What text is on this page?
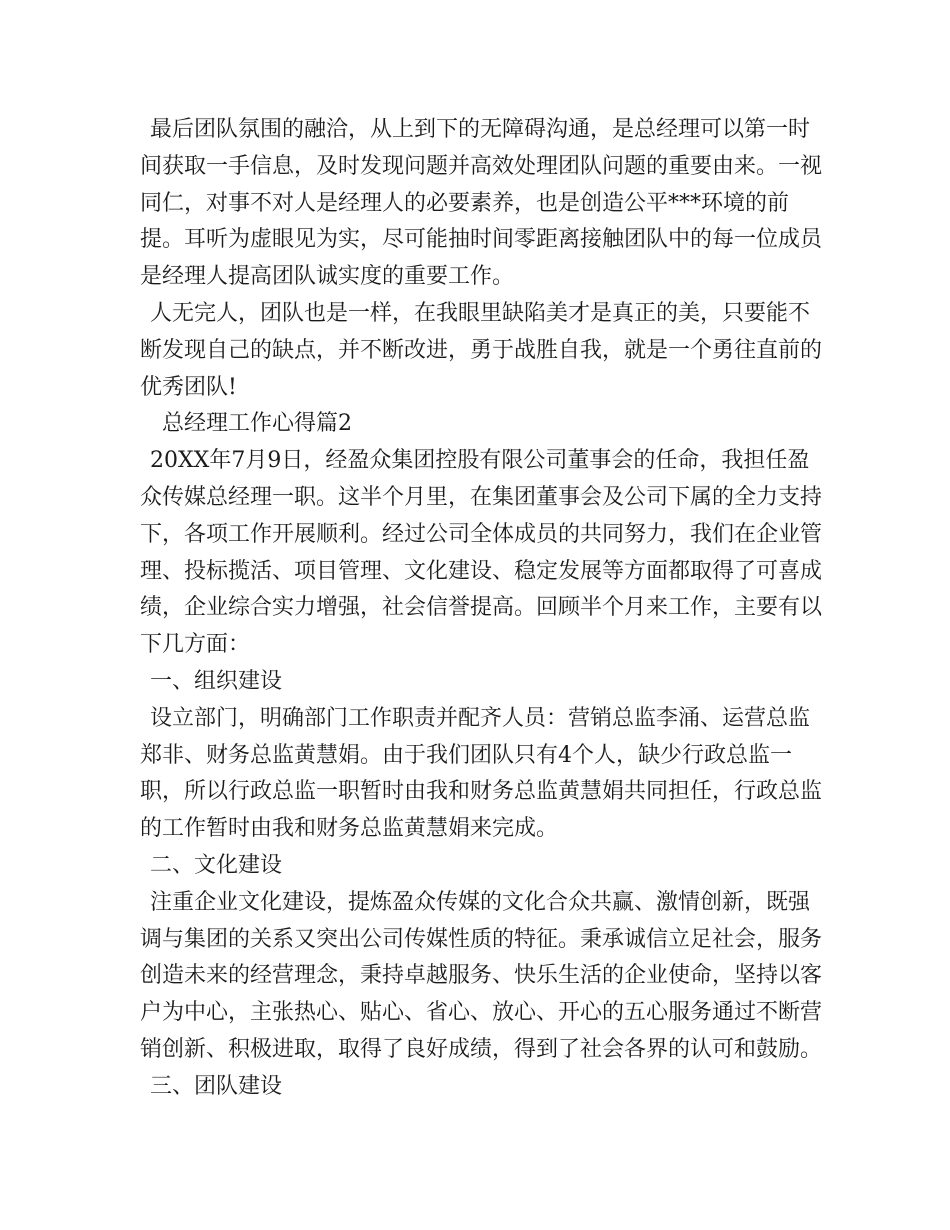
最后团队氛围的融洽，从上到下的无障碍沟通，是总经理可以第一时间获取一手信息，及时发现问题并高效处理团队问题的重要由来。一视同仁，对事不对人是经理人的必要素养，也是创造公平***环境的前提。耳听为虚眼见为实，尽可能抽时间零距离接触团队中的每一位成员是经理人提高团队诚实度的重要工作。

人无完人，团队也是一样，在我眼里缺陷美才是真正的美，只要能不断发现自己的缺点，并不断改进，勇于战胜自我，就是一个勇往直前的优秀团队!

总经理工作心得篇2

20XX年7月9日，经盈众集团控股有限公司董事会的任命，我担任盈众传媒总经理一职。这半个月里，在集团董事会及公司下属的全力支持下，各项工作开展顺利。经过公司全体成员的共同努力，我们在企业管理、投标揽活、项目管理、文化建设、稳定发展等方面都取得了可喜成绩，企业综合实力增强，社会信誉提高。回顾半个月来工作，主要有以下几方面：

一、组织建设

设立部门，明确部门工作职责并配齐人员：营销总监李涌、运营总监郑非、财务总监黄慧娟。由于我们团队只有4个人，缺少行政总监一职，所以行政总监一职暂时由我和财务总监黄慧娟共同担任，行政总监的工作暂时由我和财务总监黄慧娟来完成。

二、文化建设

注重企业文化建设，提炼盈众传媒的文化合众共赢、激情创新，既强调与集团的关系又突出公司传媒性质的特征。秉承诚信立足社会，服务创造未来的经营理念，秉持卓越服务、快乐生活的企业使命，坚持以客户为中心，主张热心、贴心、省心、放心、开心的五心服务通过不断营销创新、积极进取，取得了良好成绩，得到了社会各界的认可和鼓励。

三、团队建设
